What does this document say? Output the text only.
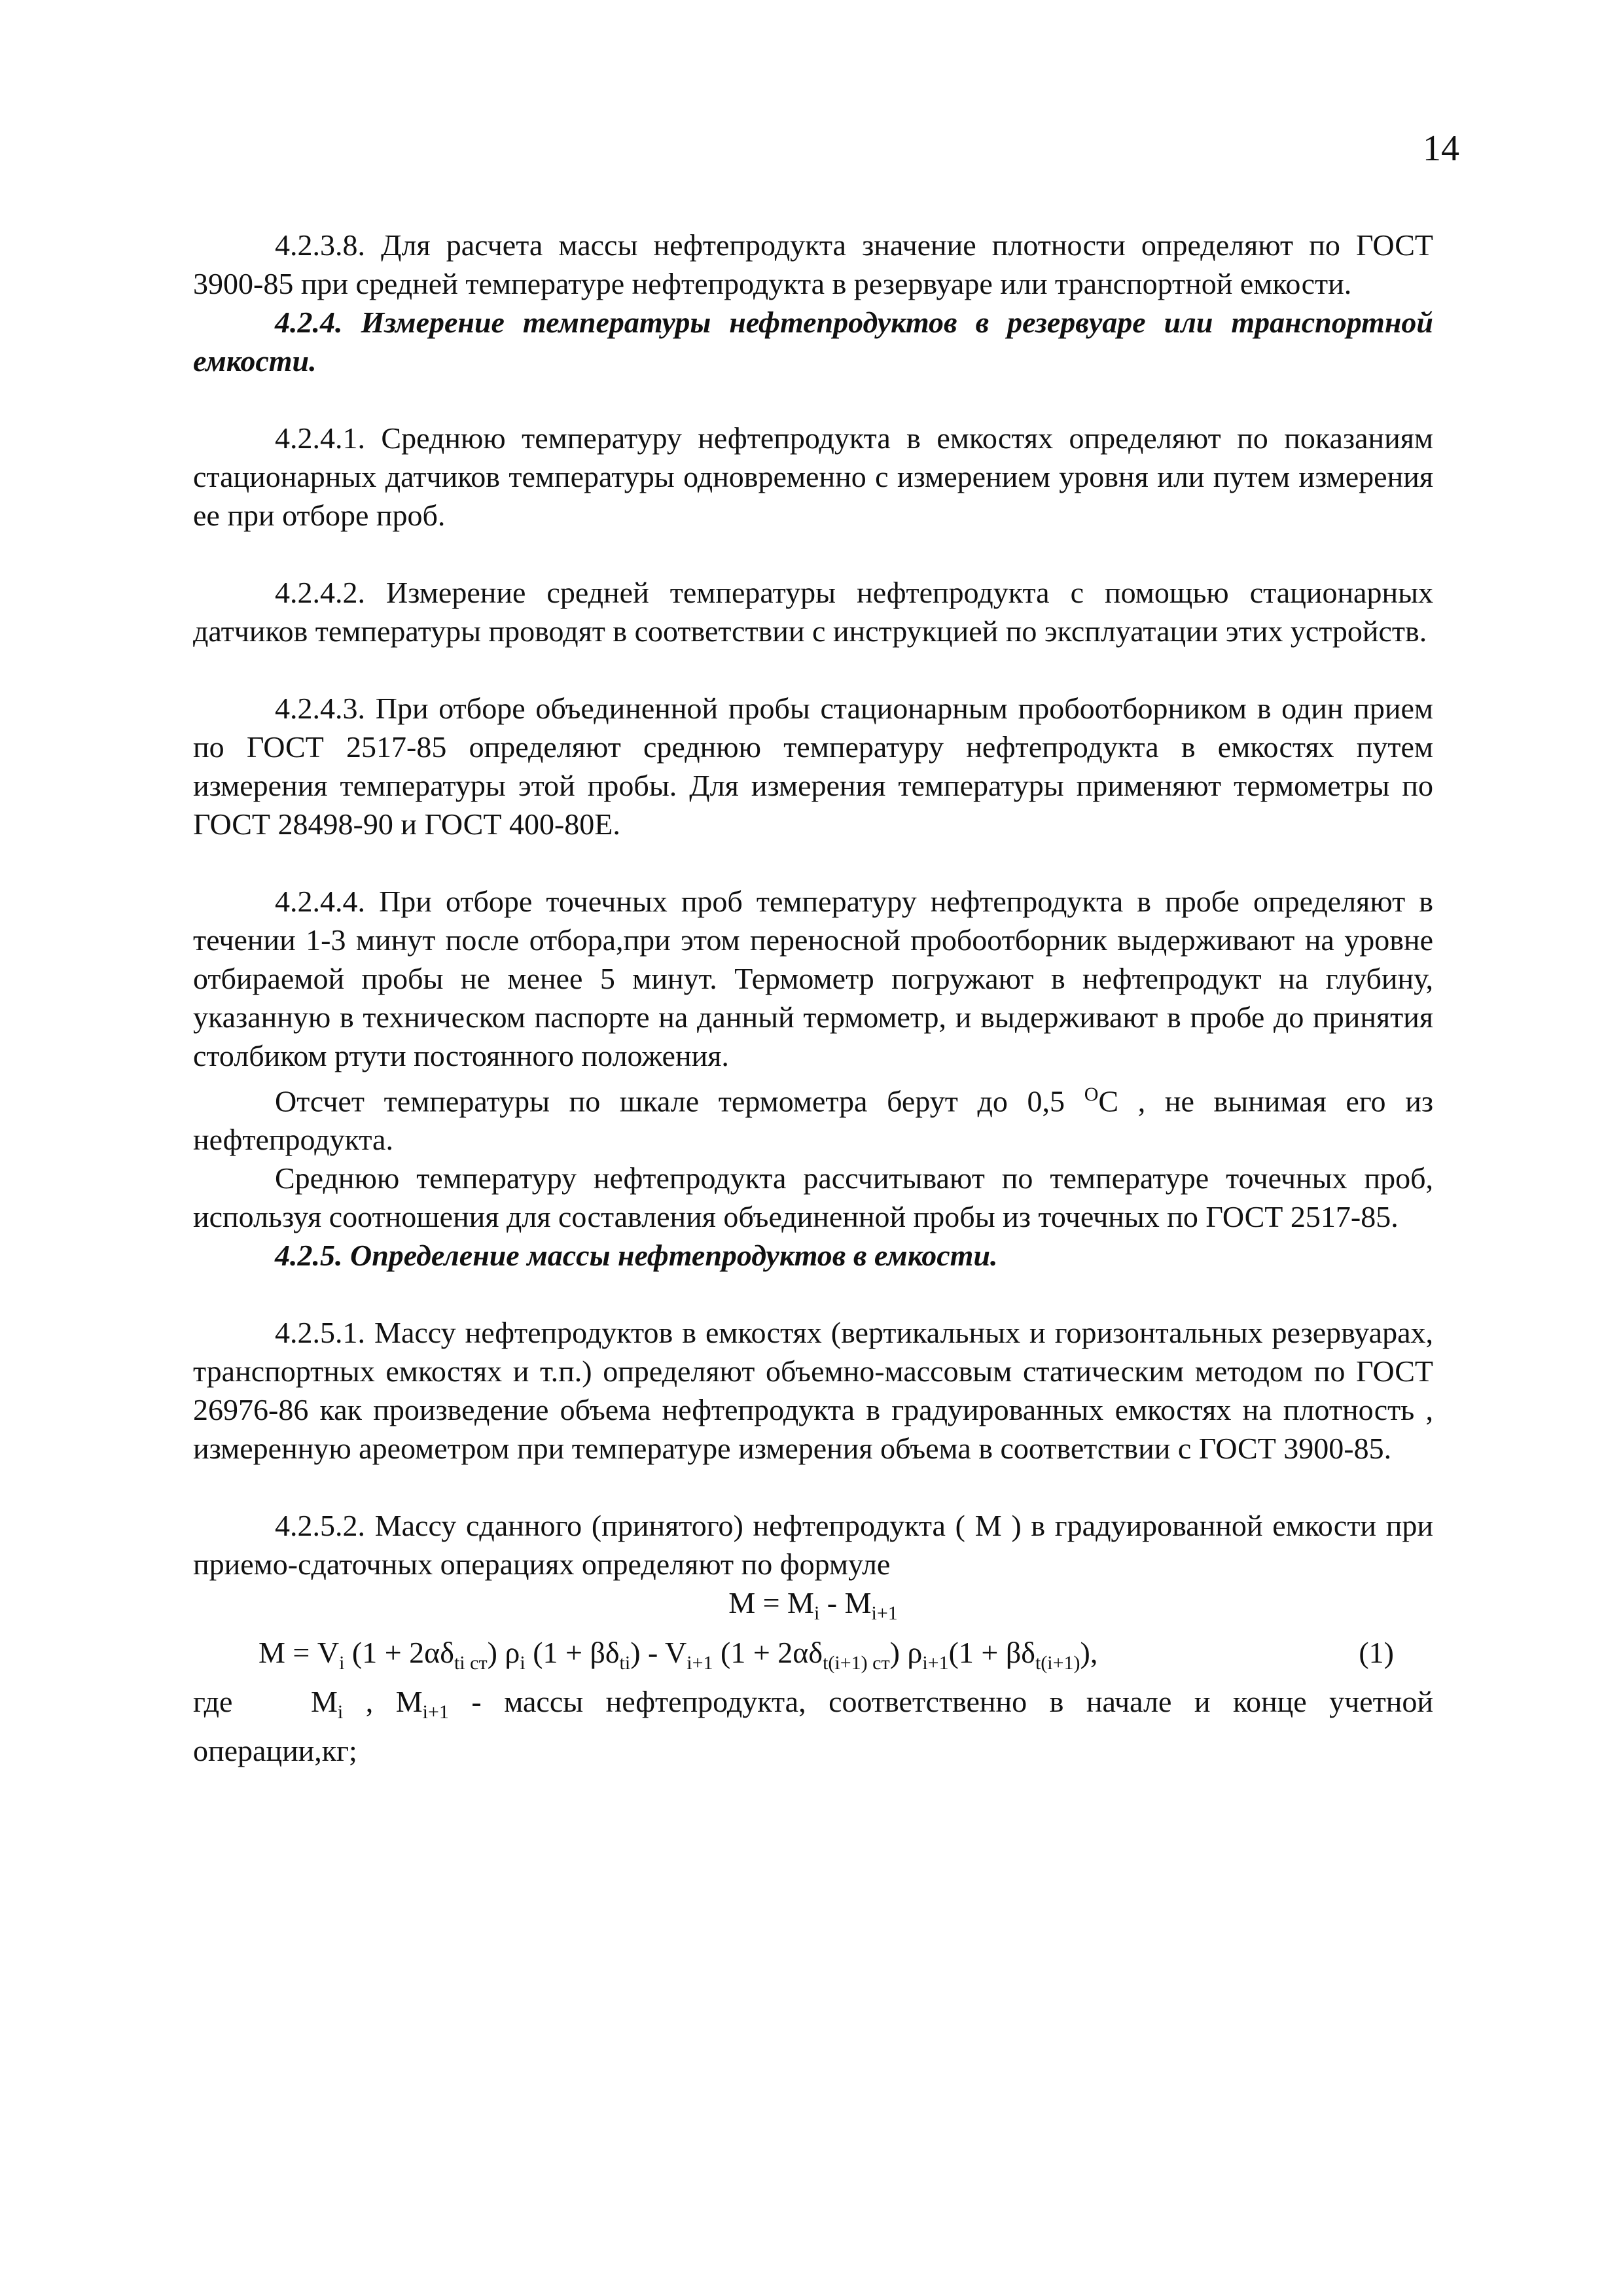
14

4.2.3.8. Для расчета массы нефтепродукта значение плотности определяют по ГОСТ 3900-85 при средней температуре нефтепродукта в резервуаре или транспортной емкости.

4.2.4. Измерение температуры нефтепродуктов в резервуаре или транспортной емкости.

4.2.4.1. Среднюю температуру нефтепродукта в емкостях определяют по показаниям стационарных датчиков температуры одновременно с измерением уровня или путем измерения ее при отборе проб.

4.2.4.2. Измерение средней температуры нефтепродукта с помощью стационарных датчиков температуры проводят в соответствии с инструкцией по эксплуатации этих устройств.

4.2.4.3. При отборе объединенной пробы стационарным пробоотборником в один прием по ГОСТ 2517-85 определяют среднюю температуру нефтепродукта в емкостях путем измерения температуры этой пробы. Для измерения температуры применяют термометры по ГОСТ 28498-90 и ГОСТ 400-80Е.

4.2.4.4. При отборе точечных проб температуру нефтепродукта в пробе определяют в течении 1-3 минут после отбора,при этом переносной пробоотборник выдерживают на уровне отбираемой пробы не менее 5 минут. Термометр погружают в нефтепродукт на глубину, указанную в техническом паспорте на данный термометр, и выдерживают в пробе до принятия столбиком ртути постоянного положения.

Отсчет температуры по шкале термометра берут до 0,5 $^О$С , не вынимая его из нефтепродукта.

Среднюю температуру нефтепродукта рассчитывают по температуре точечных проб, используя соотношения для составления объединенной пробы из точечных по ГОСТ 2517-85.

4.2.5. Определение массы нефтепродуктов в емкости.

4.2.5.1. Массу нефтепродуктов в емкостях (вертикальных и горизонтальных резервуарах, транспортных емкостях и т.п.) определяют объемно-массовым статическим методом по ГОСТ 26976-86 как произведение объема нефтепродукта в градуированных емкостях на плотность , измеренную ареометром при температуре измерения объема в соответствии с ГОСТ 3900-85.

4.2.5.2. Массу сданного (принятого) нефтепродукта ( М ) в градуированной емкости при приемо-сдаточных операциях определяют по формуле

$М = М_i - М_{i+1}$

$М = V_i$ $(1 + 2\alpha\delta_{ti ст})$ $\rho_i$ $(1 + \beta\delta_{ti}) - V_{i+1}$ $(1 + 2\alpha\delta_{t(i+1) ст})$ $\rho_{i+1}(1 + \beta\delta_{t(i+1)})$,	(1)

где	$М_i$ , $М_{i+1}$ - массы нефтепродукта, соответственно в начале и конце учетной операции,кг;
